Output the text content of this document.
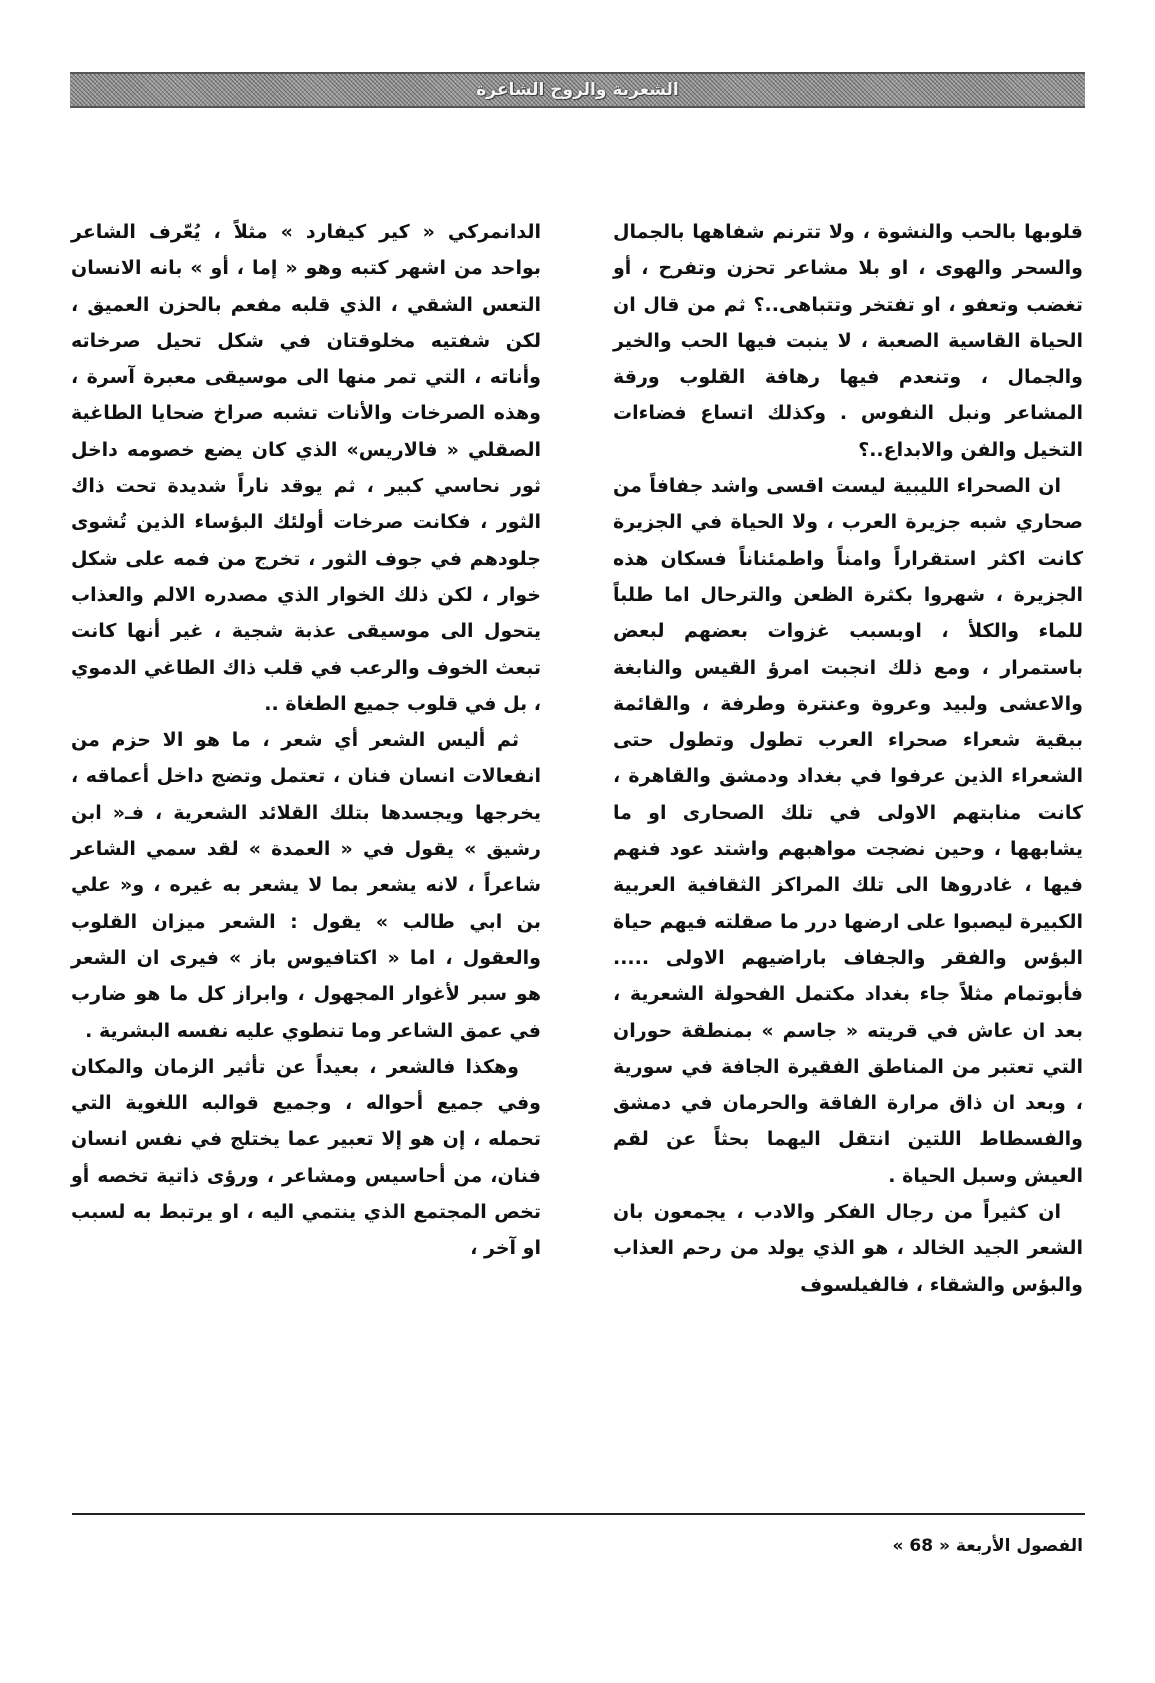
الشعرية والروح الشاعرة

قلوبها بالحب والنشوة ، ولا تترنم شفاهها بالجمال والسحر والهوى ، او بلا مشاعر تحزن وتفرح ، أو تغضب وتعفو ، او تفتخر وتتباهى..؟ ثم من قال ان الحياة القاسية الصعبة ، لا ينبت فيها الحب والخير والجمال ، وتنعدم فيها رهافة القلوب ورقة المشاعر ونبل النفوس . وكذلك اتساع فضاءات التخيل والفن والابداع..؟

ان الصحراء الليبية ليست اقسى واشد جفافاً من صحاري شبه جزيرة العرب ، ولا الحياة في الجزيرة كانت اكثر استقراراً وامناً واطمئناناً فسكان هذه الجزيرة ، شهروا بكثرة الظعن والترحال اما طلباً للماء والكلأ ، اوبسبب غزوات بعضهم لبعض باستمرار ، ومع ذلك انجبت امرؤ القيس والنابغة والاعشى ولبيد وعروة وعنترة وطرفة ، والقائمة ببقية شعراء صحراء العرب تطول وتطول حتى الشعراء الذين عرفوا في بغداد ودمشق والقاهرة ، كانت منابتهم الاولى في تلك الصحارى او ما يشابهها ، وحين نضجت مواهبهم واشتد عود فنهم فيها ، غادروها الى تلك المراكز الثقافية العربية الكبيرة ليصبوا على ارضها درر ما صقلته فيهم حياة البؤس والفقر والجفاف باراضيهم الاولى ..... فأبوتمام مثلاً جاء بغداد مكتمل الفحولة الشعرية ، بعد ان عاش في قريته « جاسم » بمنطقة حوران التي تعتبر من المناطق الفقيرة الجافة في سورية ، وبعد ان ذاق مرارة الفاقة والحرمان في دمشق والفسطاط اللتين انتقل اليهما بحثاً عن لقم العيش وسبل الحياة .

ان كثيراً من رجال الفكر والادب ، يجمعون بان الشعر الجيد الخالد ، هو الذي يولد من رحم العذاب والبؤس والشقاء ، فالفيلسوف

الدانمركي « كير كيفارد » مثلاً ، يُعّرف الشاعر بواحد من اشهر كتبه وهو « إما ، أو » بانه الانسان التعس الشقي ، الذي قلبه مفعم بالحزن العميق ، لكن شفتيه مخلوقتان في شكل تحيل صرخاته وأناته ، التي تمر منها الى موسيقى معبرة آسرة ، وهذه الصرخات والأنات تشبه صراخ ضحايا الطاغية الصقلي « فالاريس» الذي كان يضع خصومه داخل ثور نحاسي كبير ، ثم يوقد ناراً شديدة تحت ذاك الثور ، فكانت صرخات أولئك البؤساء الذين تُشوى جلودهم في جوف الثور ، تخرج من فمه على شكل خوار ، لكن ذلك الخوار الذي مصدره الالم والعذاب يتحول الى موسيقى عذبة شجية ، غير أنها كانت تبعث الخوف والرعب في قلب ذاك الطاغي الدموي ، بل في قلوب جميع الطغاة ..

ثم أليس الشعر أي شعر ، ما هو الا حزم من انفعالات انسان فنان ، تعتمل وتضج داخل أعماقه ، يخرجها ويجسدها بتلك القلائد الشعرية ، فـ« ابن رشيق » يقول في « العمدة » لقد سمي الشاعر شاعراً ، لانه يشعر بما لا يشعر به غيره ، و« علي بن ابي طالب » يقول : الشعر ميزان القلوب والعقول ، اما « اكتافيوس باز » فيرى ان الشعر هو سبر لأغوار المجهول ، وابراز كل ما هو ضارب في عمق الشاعر وما تنطوي عليه نفسه البشرية .

وهكذا فالشعر ، بعيداً عن تأثير الزمان والمكان وفي جميع أحواله ، وجميع قوالبه اللغوية التي تحمله ، إن هو إلا تعبير عما يختلج في نفس انسان فنان، من أحاسيس ومشاعر ، ورؤى ذاتية تخصه أو تخص المجتمع الذي ينتمي اليه ، او يرتبط به لسبب او آخر ،

الفصول الأربعة « 68 »
